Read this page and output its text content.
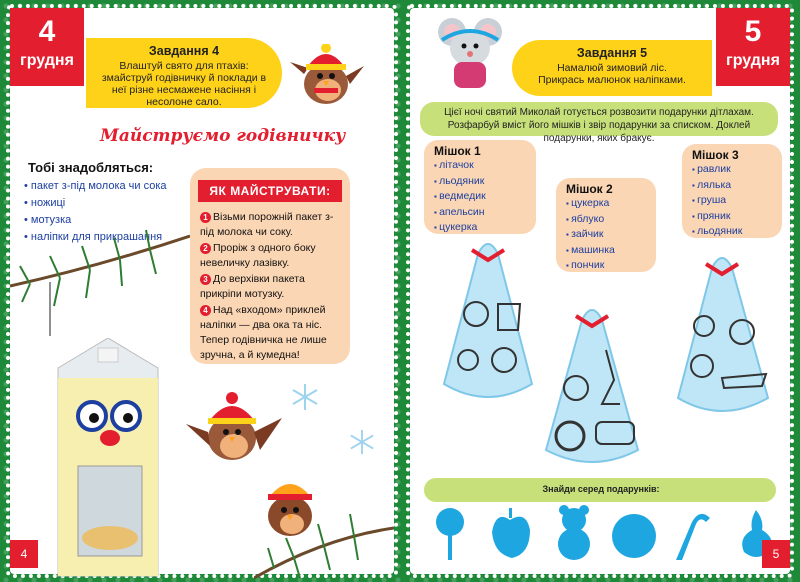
4
грудня
Завдання 4
Влаштуй свято для птахів: змайструй годівничку й поклади в неї різне несмажене насіння і несолоне сало.
Майструємо годівничку
Тобі знадобляться:
• пакет з-під молока чи сока
• ножиці
• мотузка
• наліпки для прикрашання
ЯК МАЙСТРУВАТИ:
1 Візьми порожній пакет з-під молока чи соку.
2 Проріж з одного боку невеличку лазівку.
3 До верхівки пакета прикріпи мотузку.
4 Над «входом» приклей наліпки — два ока та ніс. Тепер годівничка не лише зручна, а й кумедна!
4
Завдання 5
Намалюй зимовий ліс.
Прикрась малюнок наліпками.
5
грудня
Цієї ночі святий Миколай готується розвозити подарунки дітлахам. Розфарбуй вміст його мішків і звір подарунки за списком. Доклей подарунки, яких бракує.
Мішок 1
▪ літачок
▪ льодяник
▪ ведмедик
▪ апельсин
▪ цукерка
Мішок 2
▪ цукерка
▪ яблуко
▪ зайчик
▪ машинка
▪ пончик
Мішок 3
▪ равлик
▪ лялька
▪ груша
▪ пряник
▪ льодяник
Знайди серед подарунків:
5
